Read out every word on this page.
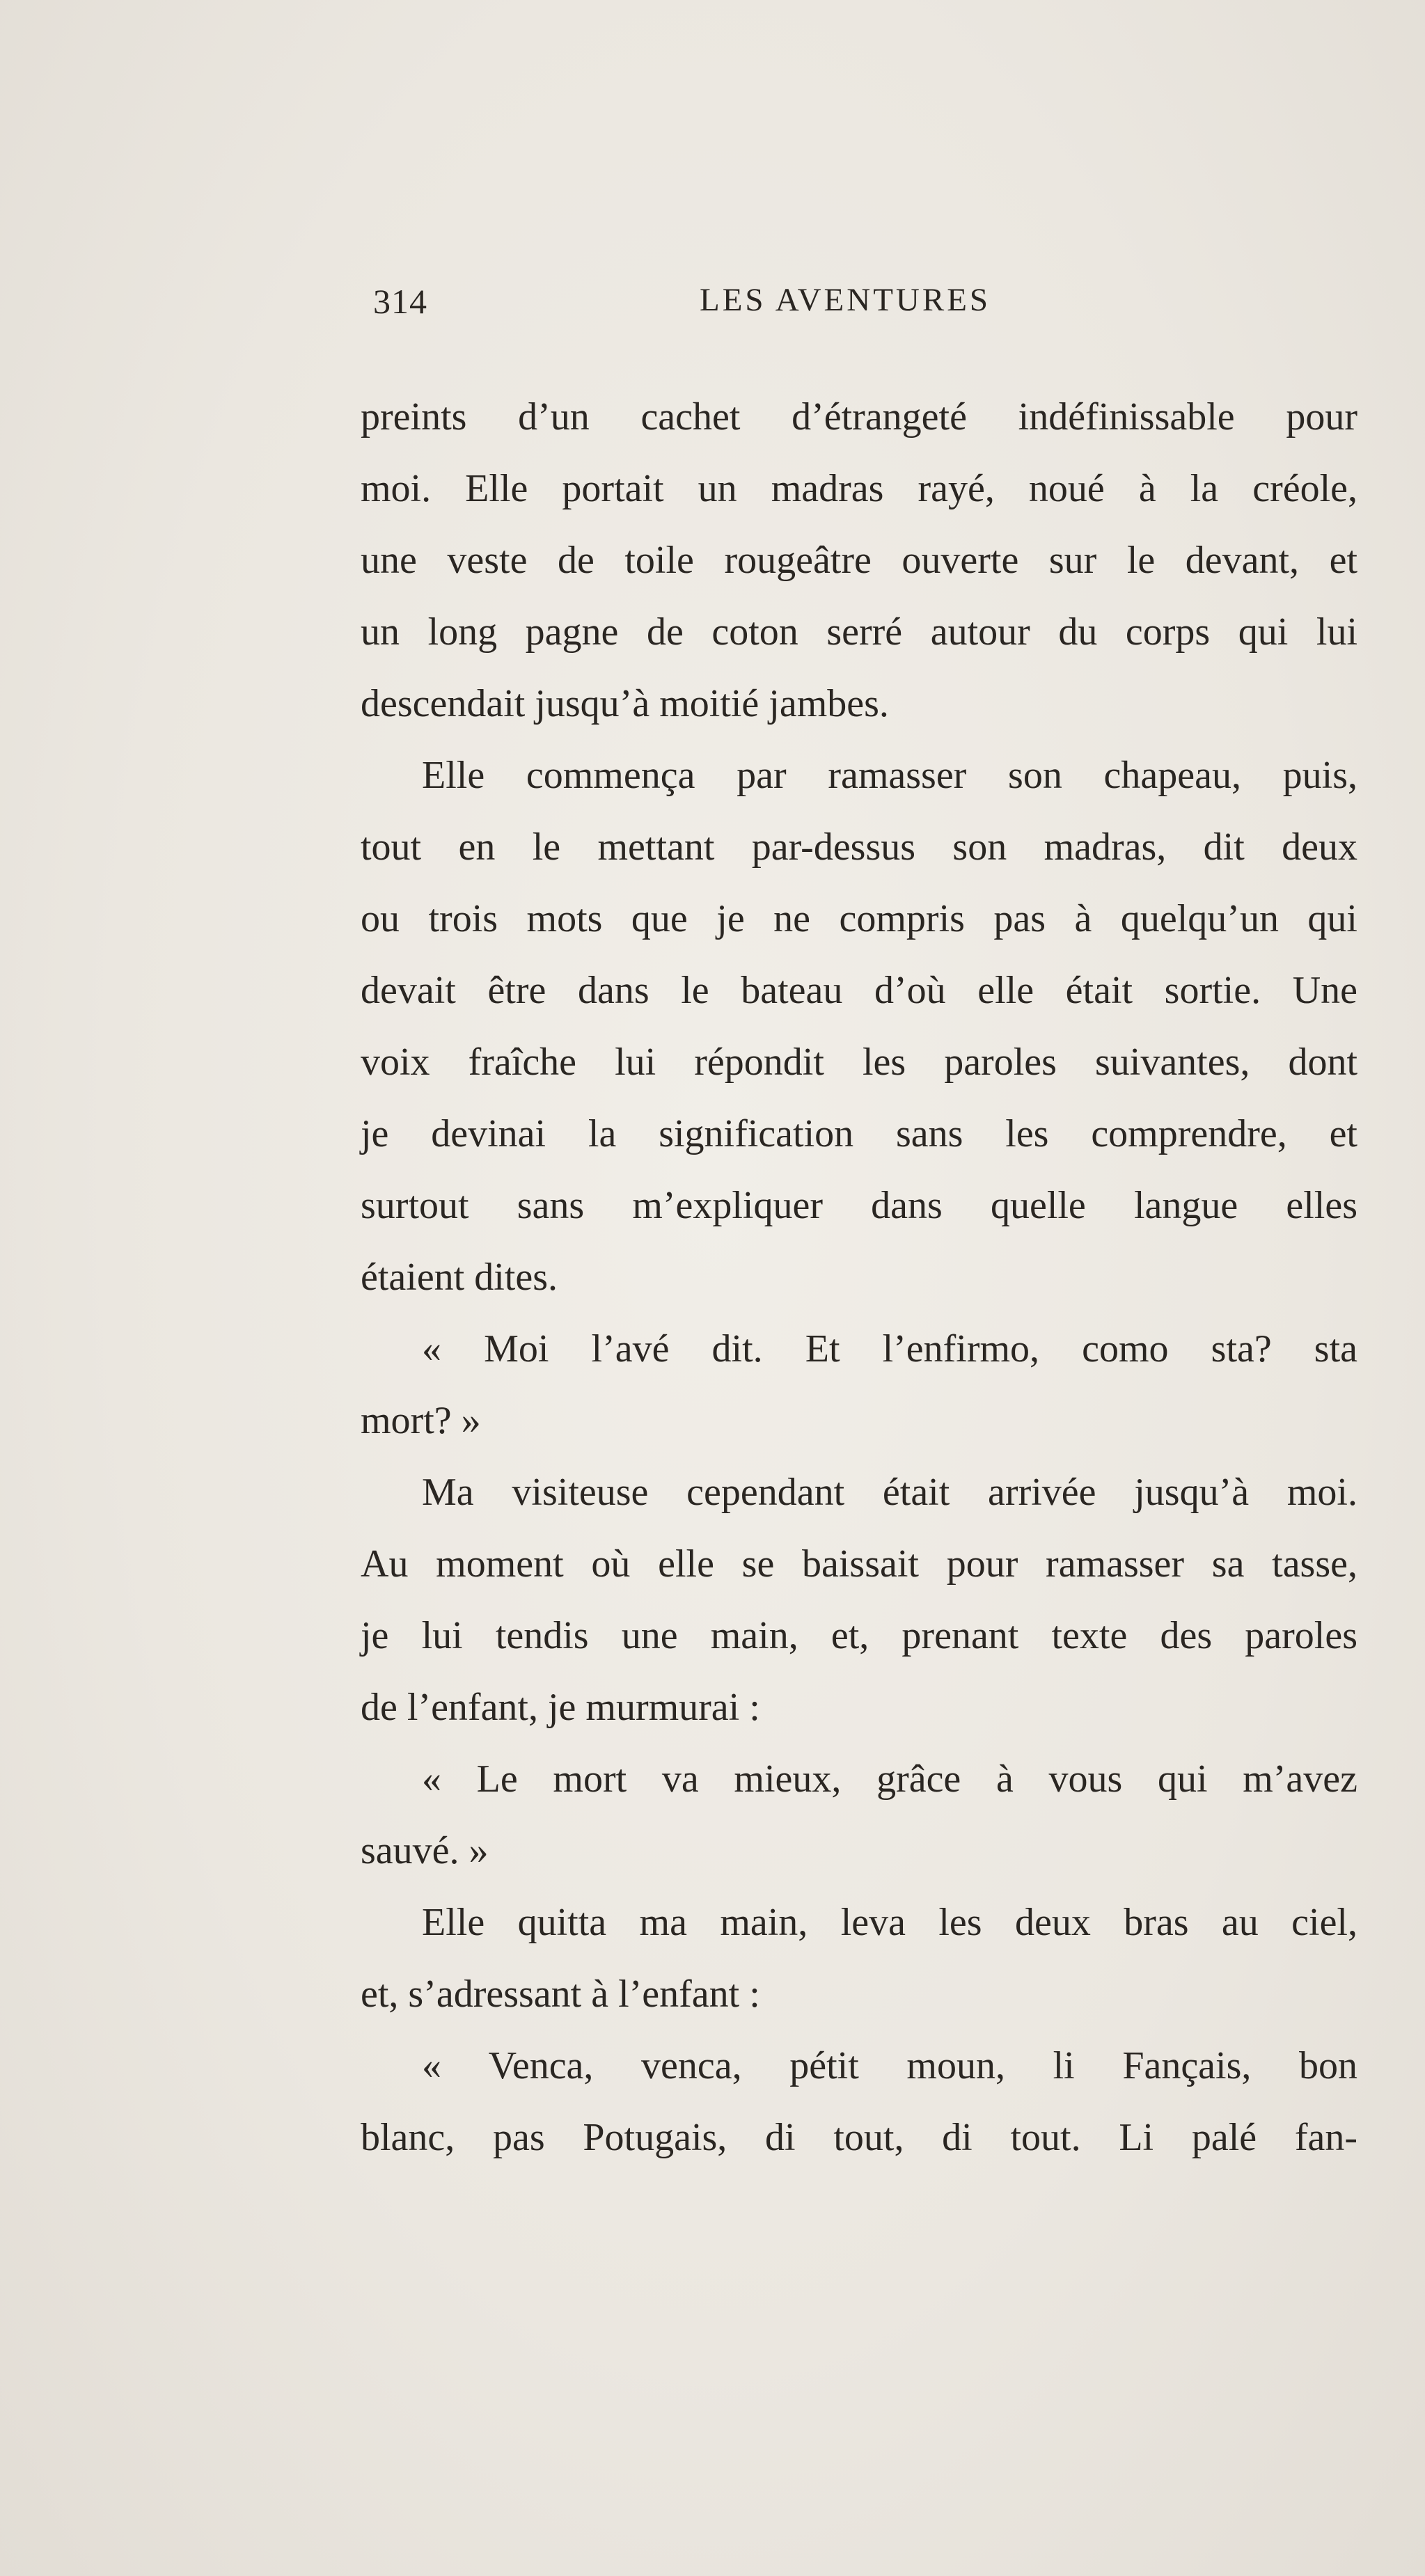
314	LES AVENTURES

preints d’un cachet d’étrangeté indéfinissable pour

moi. Elle portait un madras rayé, noué à la créole,

une veste de toile rougeâtre ouverte sur le devant, et

un long pagne de coton serré autour du corps qui lui

descendait jusqu’à moitié jambes.

Elle commença par ramasser son chapeau, puis,

tout en le mettant par-dessus son madras, dit deux

ou trois mots que je ne compris pas à quelqu’un qui

devait être dans le bateau d’où elle était sortie. Une

voix fraîche lui répondit les paroles suivantes, dont

je devinai la signification sans les comprendre, et

surtout sans m’expliquer dans quelle langue elles

étaient dites.

« Moi l’avé dit. Et l’enfirmo, como sta? sta

mort? »

Ma visiteuse cependant était arrivée jusqu’à moi.

Au moment où elle se baissait pour ramasser sa tasse,

je lui tendis une main, et, prenant texte des paroles

de l’enfant, je murmurai :

« Le mort va mieux, grâce à vous qui m’avez

sauvé. »

Elle quitta ma main, leva les deux bras au ciel,

et, s’adressant à l’enfant :

« Venca, venca, pétit moun, li Fançais, bon

blanc, pas Potugais, di tout, di tout. Li palé fan-
